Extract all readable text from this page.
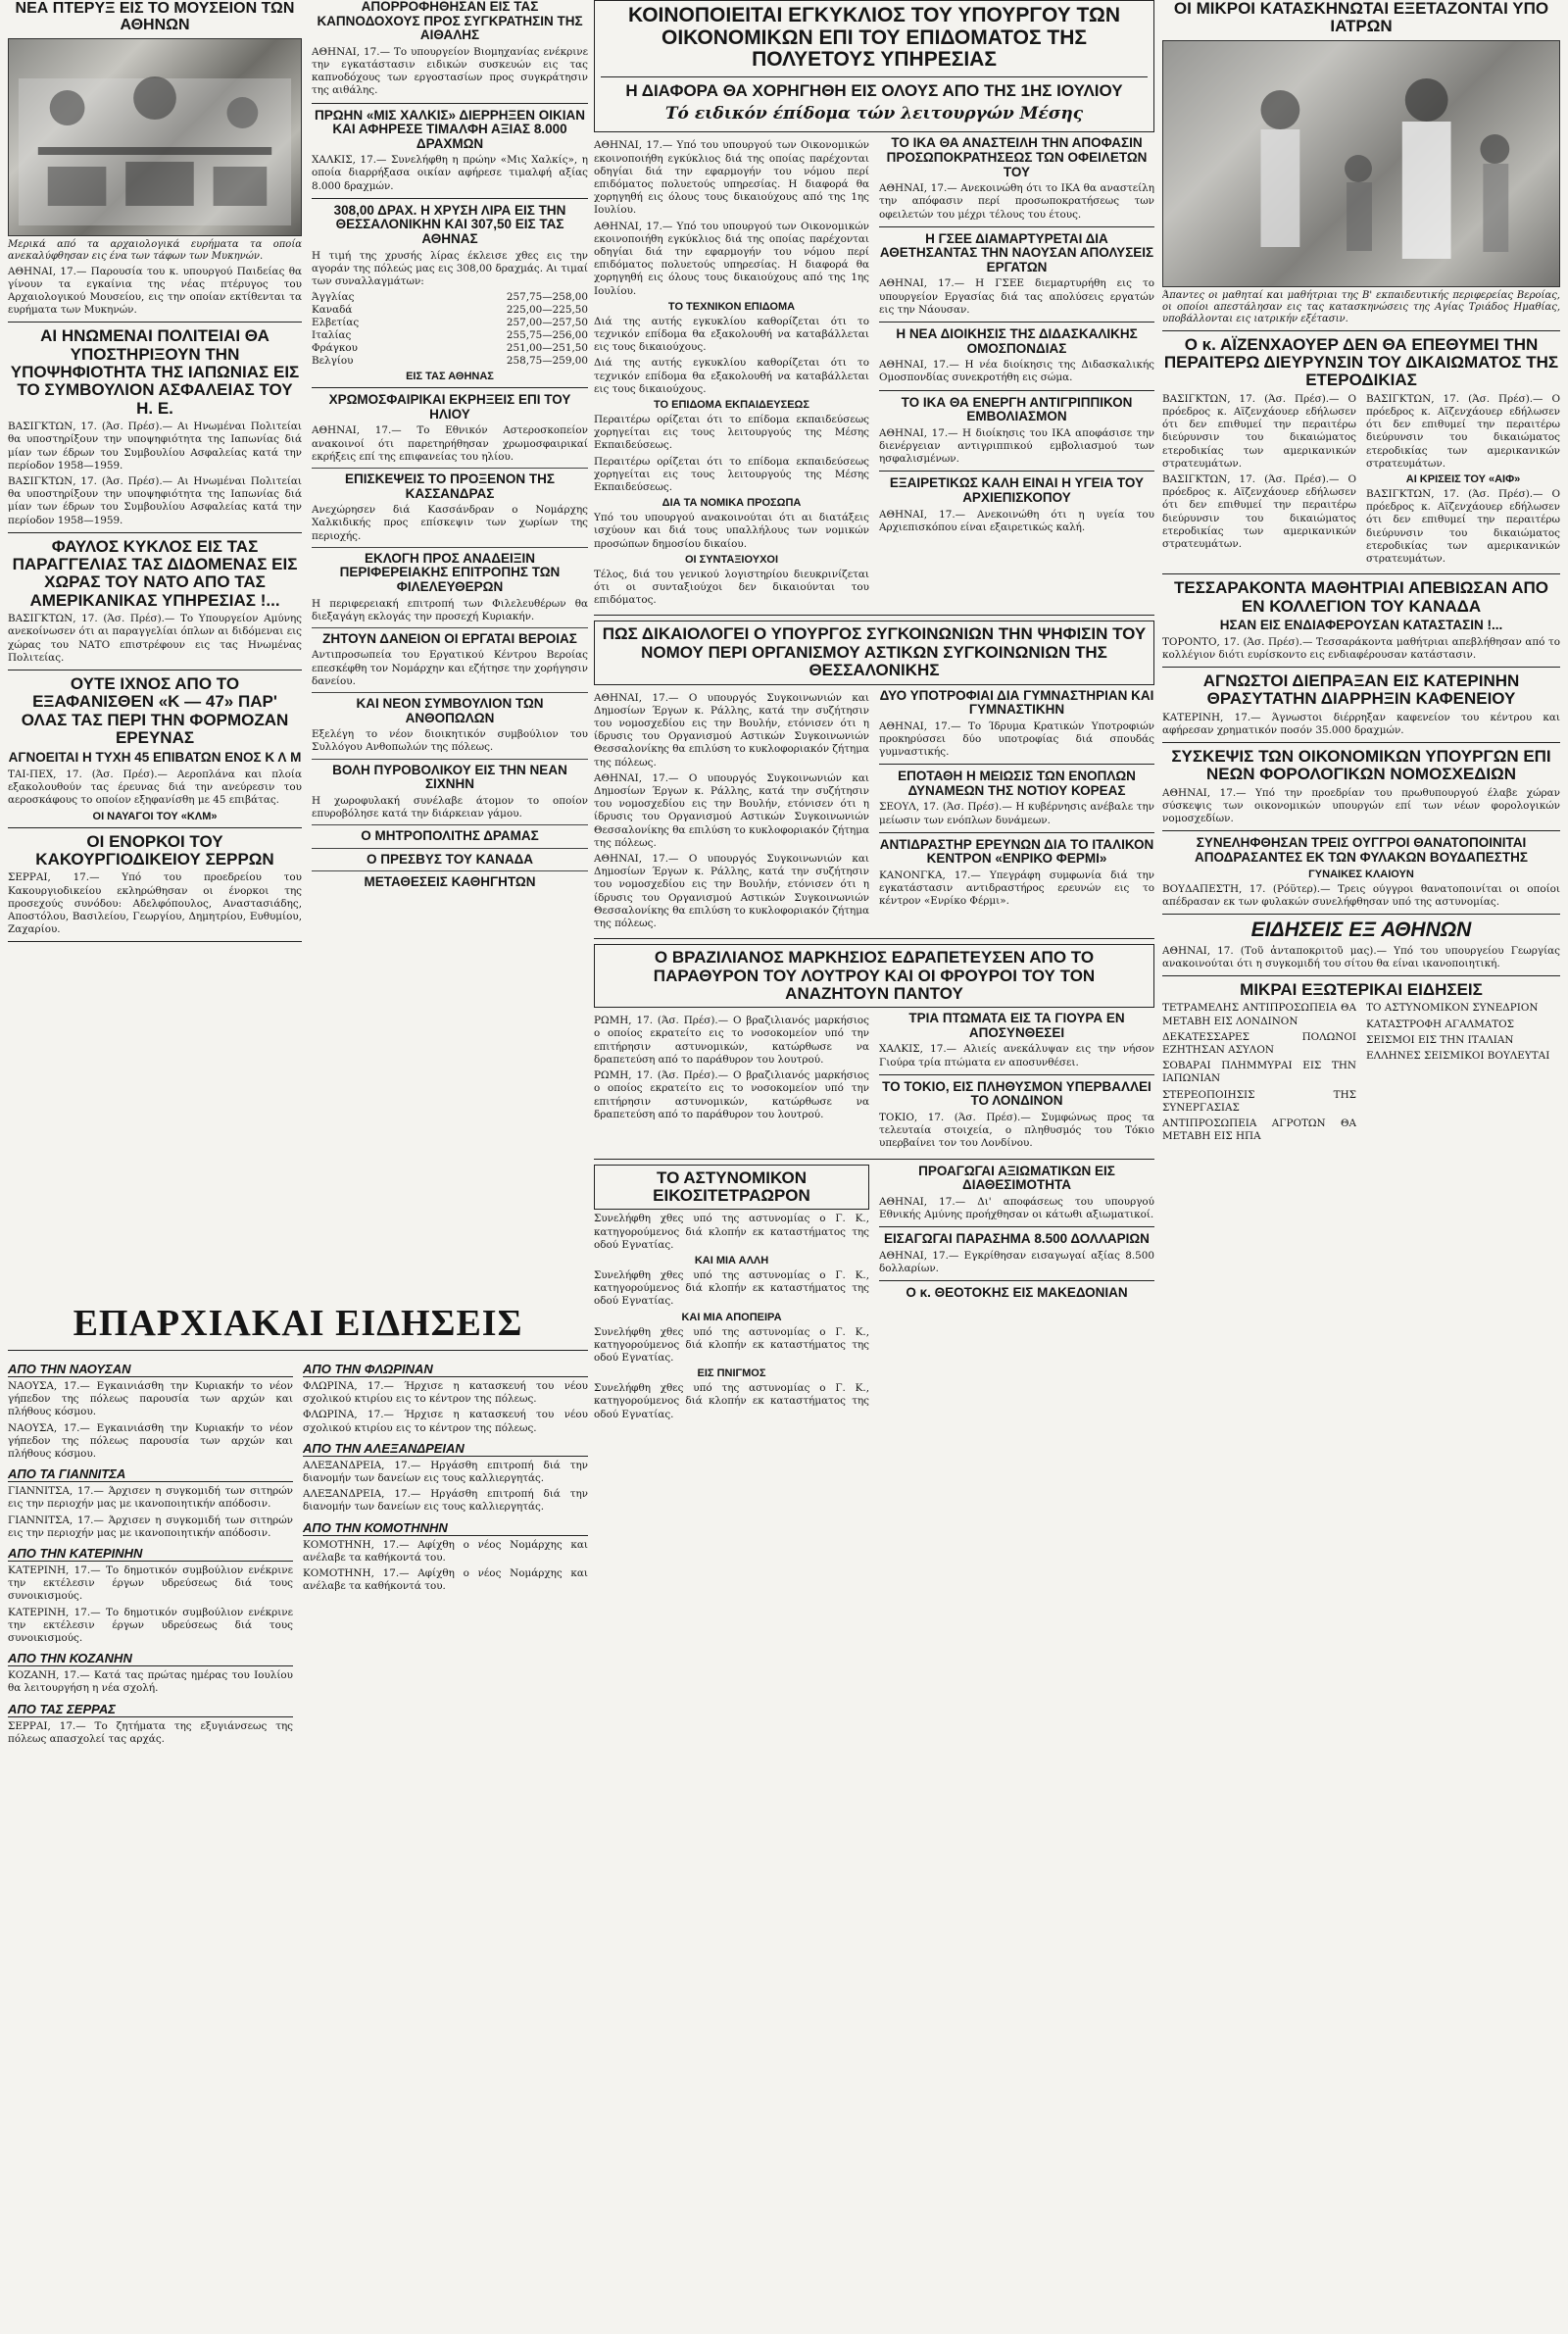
ΝΕΑ ΠΤΕΡΥΞ ΕΙΣ ΤΟ ΜΟΥΣΕΙΟΝ ΤΩΝ ΑΘΗΝΩΝ

Μερικά από τα αρχαιολογικά ευρήματα τα οποία ανεκαλύφθησαν εις ένα των τάφων των Μυκηνών.

ΑΘΗΝΑΙ, 17.— Παρουσία του κ. υπουργού Παιδείας θα γίνουν τα εγκαίνια της νέας πτέρυγος του Αρχαιολογικού Μουσείου, εις την οποίαν εκτίθενται τα ευρήματα των Μυκηνών.

ΑΙ ΗΝΩΜΕΝΑΙ ΠΟΛΙΤΕΙΑΙ ΘΑ ΥΠΟΣΤΗΡΙΞΟΥΝ ΤΗΝ ΥΠΟΨΗΦΙΟΤΗΤΑ ΤΗΣ ΙΑΠΩΝΙΑΣ ΕΙΣ ΤΟ ΣΥΜΒΟΥΛΙΟΝ ΑΣΦΑΛΕΙΑΣ ΤΟΥ Η. Ε.

ΒΑΣΙΓΚΤΩΝ, 17. (Άσ. Πρέσ).— Αι Ηνωμέναι Πολιτείαι θα υποστηρίξουν την υποψηφιότητα της Ιαπωνίας διά μίαν των έδρων του Συμβουλίου Ασφαλείας κατά την περίοδον 1958—1959.

ΒΑΣΙΓΚΤΩΝ, 17. (Άσ. Πρέσ).— Αι Ηνωμέναι Πολιτείαι θα υποστηρίξουν την υποψηφιότητα της Ιαπωνίας διά μίαν των έδρων του Συμβουλίου Ασφαλείας κατά την περίοδον 1958—1959.

ΦΑΥΛΟΣ ΚΥΚΛΟΣ ΕΙΣ ΤΑΣ ΠΑΡΑΓΓΕΛΙΑΣ ΤΑΣ ΔΙΔΟΜΕΝΑΣ ΕΙΣ ΧΩΡΑΣ ΤΟΥ ΝΑΤΟ ΑΠΟ ΤΑΣ ΑΜΕΡΙΚΑΝΙΚΑΣ ΥΠΗΡΕΣΙΑΣ !...

ΒΑΣΙΓΚΤΩΝ, 17. (Άσ. Πρέσ).— Το Υπουργείον Αμύνης ανεκοίνωσεν ότι αι παραγγελίαι όπλων αι διδόμεναι εις χώρας του ΝΑΤΟ επιστρέφουν εις τας Ηνωμένας Πολιτείας.

ΟΥΤΕ ΙΧΝΟΣ ΑΠΟ ΤΟ ΕΞΑΦΑΝΙΣΘΕΝ «Κ — 47» ΠΑΡ' ΟΛΑΣ ΤΑΣ ΠΕΡΙ ΤΗΝ ΦΟΡΜΟΖΑΝ ΕΡΕΥΝΑΣ
ΑΓΝΟΕΙΤΑΙ Η ΤΥΧΗ 45 ΕΠΙΒΑΤΩΝ ΕΝΟΣ Κ Λ Μ

ΤΑΙ-ΠΕΧ, 17. (Άσ. Πρέσ).— Αεροπλάνα και πλοία εξακολουθούν τας έρευνας διά την ανεύρεσιν του αεροσκάφους το οποίον εξηφανίσθη με 45 επιβάτας.

ΟΙ ΝΑΥΑΓΟΙ ΤΟΥ «ΚΛΜ»

ΟΙ ΕΝΟΡΚΟΙ ΤΟΥ ΚΑΚΟΥΡΓΙΟΔΙΚΕΙΟΥ ΣΕΡΡΩΝ

ΣΕΡΡΑΙ, 17.— Υπό του προεδρείου του Κακουργιοδικείου εκληρώθησαν οι ένορκοι της προσεχούς συνόδου: Αδελφόπουλος, Αναστασιάδης, Αποστόλου, Βασιλείου, Γεωργίου, Δημητρίου, Ευθυμίου, Ζαχαρίου.

ΕΠΑΡΧΙΑΚΑΙ ΕΙΔΗΣΕΙΣ
ΑΠΟ ΤΗΝ ΝΑΟΥΣΑΝ

ΝΑΟΥΣΑ, 17.— Εγκαινιάσθη την Κυριακήν το νέον γήπεδον της πόλεως παρουσία των αρχών και πλήθους κόσμου.

ΝΑΟΥΣΑ, 17.— Εγκαινιάσθη την Κυριακήν το νέον γήπεδον της πόλεως παρουσία των αρχών και πλήθους κόσμου.

ΑΠΟ ΤΑ ΓΙΑΝΝΙΤΣΑ

ΓΙΑΝΝΙΤΣΑ, 17.— Άρχισεν η συγκομιδή των σιτηρών εις την περιοχήν μας με ικανοποιητικήν απόδοσιν.

ΓΙΑΝΝΙΤΣΑ, 17.— Άρχισεν η συγκομιδή των σιτηρών εις την περιοχήν μας με ικανοποιητικήν απόδοσιν.

ΑΠΟ ΤΗΝ ΚΑΤΕΡΙΝΗΝ

ΚΑΤΕΡΙΝΗ, 17.— Το δημοτικόν συμβούλιον ενέκρινε την εκτέλεσιν έργων υδρεύσεως διά τους συνοικισμούς.

ΚΑΤΕΡΙΝΗ, 17.— Το δημοτικόν συμβούλιον ενέκρινε την εκτέλεσιν έργων υδρεύσεως διά τους συνοικισμούς.

ΑΠΟ ΤΗΝ ΚΟΖΑΝΗΝ

ΚΟΖΑΝΗ, 17.— Κατά τας πρώτας ημέρας του Ιουλίου θα λειτουργήση η νέα σχολή.

ΑΠΟ ΤΑΣ ΣΕΡΡΑΣ

ΣΕΡΡΑΙ, 17.— Το ζητήματα της εξυγιάνσεως της πόλεως απασχολεί τας αρχάς.

ΑΠΟ ΤΗΝ ΦΛΩΡΙΝΑΝ

ΦΛΩΡΙΝΑ, 17.— Ήρχισε η κατασκευή του νέου σχολικού κτιρίου εις το κέντρον της πόλεως.

ΦΛΩΡΙΝΑ, 17.— Ήρχισε η κατασκευή του νέου σχολικού κτιρίου εις το κέντρον της πόλεως.

ΑΠΟ ΤΗΝ ΑΛΕΞΑΝΔΡΕΙΑΝ

ΑΛΕΞΑΝΔΡΕΙΑ, 17.— Ηργάσθη επιτροπή διά την διανομήν των δανείων εις τους καλλιεργητάς.

ΑΛΕΞΑΝΔΡΕΙΑ, 17.— Ηργάσθη επιτροπή διά την διανομήν των δανείων εις τους καλλιεργητάς.

ΑΠΟ ΤΗΝ ΚΟΜΟΤΗΝΗΝ

ΚΟΜΟΤΗΝΗ, 17.— Αφίχθη ο νέος Νομάρχης και ανέλαβε τα καθήκοντά του.

ΚΟΜΟΤΗΝΗ, 17.— Αφίχθη ο νέος Νομάρχης και ανέλαβε τα καθήκοντά του.

ΑΠΟΡΡΟΦΗΘΗΣΑΝ ΕΙΣ ΤΑΣ ΚΑΠΝΟΔΟΧΟΥΣ ΠΡΟΣ ΣΥΓΚΡΑΤΗΣΙΝ ΤΗΣ ΑΙΘΑΛΗΣ

ΑΘΗΝΑΙ, 17.— Το υπουργείον Βιομηχανίας ενέκρινε την εγκατάστασιν ειδικών συσκευών εις τας καπνοδόχους των εργοστασίων προς συγκράτησιν της αιθάλης.

ΠΡΩΗΝ «ΜΙΣ ΧΑΛΚΙΣ» ΔΙΕΡΡΗΞΕΝ ΟΙΚΙΑΝ ΚΑΙ ΑΦΗΡΕΣΕ ΤΙΜΑΛΦΗ ΑΞΙΑΣ 8.000 ΔΡΑΧΜΩΝ

ΧΑΛΚΙΣ, 17.— Συνελήφθη η πρώην «Μις Χαλκίς», η οποία διαρρήξασα οικίαν αφήρεσε τιμαλφή αξίας 8.000 δραχμών.

308,00 ΔΡΑΧ. Η ΧΡΥΣΗ ΛΙΡΑ ΕΙΣ ΤΗΝ ΘΕΣΣΑΛΟΝΙΚΗΝ ΚΑΙ 307,50 ΕΙΣ ΤΑΣ ΑΘΗΝΑΣ

Η τιμή της χρυσής λίρας έκλεισε χθες εις την αγοράν της πόλεώς μας εις 308,00 δραχμάς. Αι τιμαί των συναλλαγμάτων:

Άγγλίας	257,75—258,00
Καναδά	225,00—225,50
Ελβετίας	257,00—257,50
Ιταλίας	255,75—256,00
Φράγκου	251,00—251,50
Βελγίου	258,75—259,00

ΕΙΣ ΤΑΣ ΑΘΗΝΑΣ

ΧΡΩΜΟΣΦΑΙΡΙΚΑΙ ΕΚΡΗΞΕΙΣ ΕΠΙ ΤΟΥ ΗΛΙΟΥ

ΑΘΗΝΑΙ, 17.— Το Εθνικόν Αστεροσκοπείον ανακοινοί ότι παρετηρήθησαν χρωμοσφαιρικαί εκρήξεις επί της επιφανείας του ηλίου.

ΕΠΙΣΚΕΨΕΙΣ ΤΟ ΠΡΟΞΕΝΟΝ ΤΗΣ ΚΑΣΣΑΝΔΡΑΣ

Ανεχώρησεν διά Κασσάνδραν ο Νομάρχης Χαλκιδικής προς επίσκεψιν των χωρίων της περιοχής.

ΕΚΛΟΓΗ ΠΡΟΣ ΑΝΑΔΕΙΞΙΝ ΠΕΡΙΦΕΡΕΙΑΚΗΣ ΕΠΙΤΡΟΠΗΣ ΤΩΝ ΦΙΛΕΛΕΥΘΕΡΩΝ

Η περιφερειακή επιτροπή των Φιλελευθέρων θα διεξαγάγη εκλογάς την προσεχή Κυριακήν.

ΖΗΤΟΥΝ ΔΑΝΕΙΟΝ ΟΙ ΕΡΓΑΤΑΙ ΒΕΡΟΙΑΣ

Αντιπροσωπεία του Εργατικού Κέντρου Βεροίας επεσκέφθη τον Νομάρχην και εζήτησε την χορήγησιν δανείου.

ΚΑΙ ΝΕΟΝ ΣΥΜΒΟΥΛΙΟΝ ΤΩΝ ΑΝΘΟΠΩΛΩΝ

Εξελέγη το νέον διοικητικόν συμβούλιον του Συλλόγου Ανθοπωλών της πόλεως.

ΒΟΛΗ ΠΥΡΟΒΟΛΙΚΟΥ ΕΙΣ ΤΗΝ ΝΕΑΝ ΣΙΧΝΗΝ

Η χωροφυλακή συνέλαβε άτομον το οποίον επυροβόλησε κατά την διάρκειαν γάμου.

Ο ΜΗΤΡΟΠΟΛΙΤΗΣ ΔΡΑΜΑΣ
Ο ΠΡΕΣΒΥΣ ΤΟΥ ΚΑΝΑΔΑ
ΜΕΤΑΘΕΣΕΙΣ ΚΑΘΗΓΗΤΩΝ
ΚΟΙΝΟΠΟΙΕΙΤΑΙ ΕΓΚΥΚΛΙΟΣ ΤΟΥ ΥΠΟΥΡΓΟΥ ΤΩΝ ΟΙΚΟΝΟΜΙΚΩΝ ΕΠΙ ΤΟΥ ΕΠΙΔΟΜΑΤΟΣ ΤΗΣ ΠΟΛΥΕΤΟΥΣ ΥΠΗΡΕΣΙΑΣ
Η ΔΙΑΦΟΡΑ ΘΑ ΧΟΡΗΓΗΘΗ ΕΙΣ ΟΛΟΥΣ ΑΠΟ ΤΗΣ 1ΗΣ ΙΟΥΛΙΟΥ
Τό ειδικόν έπίδομα τών λειτουργών Μέσης

ΑΘΗΝΑΙ, 17.— Υπό του υπουργού των Οικονομικών εκοινοποιήθη εγκύκλιος διά της οποίας παρέχονται οδηγίαι διά την εφαρμογήν του νόμου περί επιδόματος πολυετούς υπηρεσίας. Η διαφορά θα χορηγηθή εις όλους τους δικαιούχους από της 1ης Ιουλίου.

ΑΘΗΝΑΙ, 17.— Υπό του υπουργού των Οικονομικών εκοινοποιήθη εγκύκλιος διά της οποίας παρέχονται οδηγίαι διά την εφαρμογήν του νόμου περί επιδόματος πολυετούς υπηρεσίας. Η διαφορά θα χορηγηθή εις όλους τους δικαιούχους από της 1ης Ιουλίου.

ΤΟ ΤΕΧΝΙΚΟΝ ΕΠΙΔΟΜΑ

Διά της αυτής εγκυκλίου καθορίζεται ότι το τεχνικόν επίδομα θα εξακολουθή να καταβάλλεται εις τους δικαιούχους.

Διά της αυτής εγκυκλίου καθορίζεται ότι το τεχνικόν επίδομα θα εξακολουθή να καταβάλλεται εις τους δικαιούχους.

ΤΟ ΕΠΙΔΟΜΑ ΕΚΠΑΙΔΕΥΣΕΩΣ

Περαιτέρω ορίζεται ότι το επίδομα εκπαιδεύσεως χορηγείται εις τους λειτουργούς της Μέσης Εκπαιδεύσεως.

Περαιτέρω ορίζεται ότι το επίδομα εκπαιδεύσεως χορηγείται εις τους λειτουργούς της Μέσης Εκπαιδεύσεως.

ΔΙΑ ΤΑ ΝΟΜΙΚΑ ΠΡΟΣΩΠΑ

Υπό του υπουργού ανακοινούται ότι αι διατάξεις ισχύουν και διά τους υπαλλήλους των νομικών προσώπων δημοσίου δικαίου.

ΟΙ ΣΥΝΤΑΞΙΟΥΧΟΙ

Τέλος, διά του γενικού λογιστηρίου διευκρινίζεται ότι οι συνταξιούχοι δεν δικαιούνται του επιδόματος.

ΤΟ ΙΚΑ ΘΑ ΑΝΑΣΤΕΙΛΗ ΤΗΝ ΑΠΟΦΑΣΙΝ ΠΡΟΣΩΠΟΚΡΑΤΗΣΕΩΣ ΤΩΝ ΟΦΕΙΛΕΤΩΝ ΤΟΥ

ΑΘΗΝΑΙ, 17.— Ανεκοινώθη ότι το ΙΚΑ θα αναστείλη την απόφασιν περί προσωποκρατήσεως των οφειλετών του μέχρι τέλους του έτους.

Η ΓΣΕΕ ΔΙΑΜΑΡΤΥΡΕΤΑΙ ΔΙΑ ΑΘΕΤΗΣΑΝΤΑΣ ΤΗΝ ΝΑΟΥΣΑΝ ΑΠΟΛΥΣΕΙΣ ΕΡΓΑΤΩΝ

ΑΘΗΝΑΙ, 17.— Η ΓΣΕΕ διεμαρτυρήθη εις το υπουργείον Εργασίας διά τας απολύσεις εργατών εις την Νάουσαν.

Η ΝΕΑ ΔΙΟΙΚΗΣΙΣ ΤΗΣ ΔΙΔΑΣΚΑΛΙΚΗΣ ΟΜΟΣΠΟΝΔΙΑΣ

ΑΘΗΝΑΙ, 17.— Η νέα διοίκησις της Διδασκαλικής Ομοσπονδίας συνεκροτήθη εις σώμα.

ΤΟ ΙΚΑ ΘΑ ΕΝΕΡΓΗ ΑΝΤΙΓΡΙΠΠΙΚΟΝ ΕΜΒΟΛΙΑΣΜΟΝ

ΑΘΗΝΑΙ, 17.— Η διοίκησις του ΙΚΑ αποφάσισε την διενέργειαν αντιγριππικού εμβολιασμού των ησφαλισμένων.

ΕΞΑΙΡΕΤΙΚΩΣ ΚΑΛΗ ΕΙΝΑΙ Η ΥΓΕΙΑ ΤΟΥ ΑΡΧΙΕΠΙΣΚΟΠΟΥ

ΑΘΗΝΑΙ, 17.— Ανεκοινώθη ότι η υγεία του Αρχιεπισκόπου είναι εξαιρετικώς καλή.

ΠΩΣ ΔΙΚΑΙΟΛΟΓΕΙ Ο ΥΠΟΥΡΓΟΣ ΣΥΓΚΟΙΝΩΝΙΩΝ ΤΗΝ ΨΗΦΙΣΙΝ ΤΟΥ ΝΟΜΟΥ ΠΕΡΙ ΟΡΓΑΝΙΣΜΟΥ ΑΣΤΙΚΩΝ ΣΥΓΚΟΙΝΩΝΙΩΝ ΤΗΣ ΘΕΣΣΑΛΟΝΙΚΗΣ

ΑΘΗΝΑΙ, 17.— Ο υπουργός Συγκοινωνιών και Δημοσίων Έργων κ. Ράλλης, κατά την συζήτησιν του νομοσχεδίου εις την Βουλήν, ετόνισεν ότι η ίδρυσις του Οργανισμού Αστικών Συγκοινωνιών Θεσσαλονίκης θα επιλύση το κυκλοφοριακόν ζήτημα της πόλεως.

ΑΘΗΝΑΙ, 17.— Ο υπουργός Συγκοινωνιών και Δημοσίων Έργων κ. Ράλλης, κατά την συζήτησιν του νομοσχεδίου εις την Βουλήν, ετόνισεν ότι η ίδρυσις του Οργανισμού Αστικών Συγκοινωνιών Θεσσαλονίκης θα επιλύση το κυκλοφοριακόν ζήτημα της πόλεως.

ΑΘΗΝΑΙ, 17.— Ο υπουργός Συγκοινωνιών και Δημοσίων Έργων κ. Ράλλης, κατά την συζήτησιν του νομοσχεδίου εις την Βουλήν, ετόνισεν ότι η ίδρυσις του Οργανισμού Αστικών Συγκοινωνιών Θεσσαλονίκης θα επιλύση το κυκλοφοριακόν ζήτημα της πόλεως.

ΔΥΟ ΥΠΟΤΡΟΦΙΑΙ ΔΙΑ ΓΥΜΝΑΣΤΗΡΙΑΝ ΚΑΙ ΓΥΜΝΑΣΤΙΚΗΝ

ΑΘΗΝΑΙ, 17.— Το Ίδρυμα Κρατικών Υποτροφιών προκηρύσσει δύο υποτροφίας διά σπουδάς γυμναστικής.

ΕΠΟΤΑΘΗ Η ΜΕΙΩΣΙΣ ΤΩΝ ΕΝΟΠΛΩΝ ΔΥΝΑΜΕΩΝ ΤΗΣ ΝΟΤΙΟΥ ΚΟΡΕΑΣ

ΣΕΟΥΛ, 17. (Άσ. Πρέσ).— Η κυβέρνησις ανέβαλε την μείωσιν των ενόπλων δυνάμεων.

ΑΝΤΙΔΡΑΣΤΗΡ ΕΡΕΥΝΩΝ ΔΙΑ ΤΟ ΙΤΑΛΙΚΟΝ ΚΕΝΤΡΟΝ «ΕΝΡΙΚΟ ΦΕΡΜΙ»

ΚΑΝΟΝΓΚΑ, 17.— Υπεγράφη συμφωνία διά την εγκατάστασιν αντιδραστήρος ερευνών εις το κέντρον «Ενρίκο Φέρμι».

Ο ΒΡΑΖΙΛΙΑΝΟΣ ΜΑΡΚΗΣΙΟΣ ΕΔΡΑΠΕΤΕΥΣΕΝ ΑΠΟ ΤΟ ΠΑΡΑΘΥΡΟΝ ΤΟΥ ΛΟΥΤΡΟΥ ΚΑΙ ΟΙ ΦΡΟΥΡΟΙ ΤΟΥ ΤΟΝ ΑΝΑΖΗΤΟΥΝ ΠΑΝΤΟΥ

ΡΩΜΗ, 17. (Άσ. Πρέσ).— Ο βραζιλιανός μαρκήσιος ο οποίος εκρατείτο εις το νοσοκομείον υπό την επιτήρησιν αστυνομικών, κατώρθωσε να δραπετεύση από το παράθυρον του λουτρού.

ΡΩΜΗ, 17. (Άσ. Πρέσ).— Ο βραζιλιανός μαρκήσιος ο οποίος εκρατείτο εις το νοσοκομείον υπό την επιτήρησιν αστυνομικών, κατώρθωσε να δραπετεύση από το παράθυρον του λουτρού.

ΤΡΙΑ ΠΤΩΜΑΤΑ ΕΙΣ ΤΑ ΓΙΟΥΡΑ ΕΝ ΑΠΟΣΥΝΘΕΣΕΙ

ΧΑΛΚΙΣ, 17.— Αλιείς ανεκάλυψαν εις την νήσον Γιούρα τρία πτώματα εν αποσυνθέσει.

ΤΟ ΤΟΚΙΟ, ΕΙΣ ΠΛΗΘΥΣΜΟΝ ΥΠΕΡΒΑΛΛΕΙ ΤΟ ΛΟΝΔΙΝΟΝ

ΤΟΚΙΟ, 17. (Άσ. Πρέσ).— Συμφώνως προς τα τελευταία στοιχεία, ο πληθυσμός του Τόκιο υπερβαίνει τον του Λονδίνου.

ΤΟ ΑΣΤΥΝΟΜΙΚΟΝ ΕΙΚΟΣΙΤΕΤΡΑΩΡΟΝ

Συνελήφθη χθες υπό της αστυνομίας ο Γ. Κ., κατηγορούμενος διά κλοπήν εκ καταστήματος της οδού Εγνατίας.

ΚΑΙ ΜΙΑ ΑΛΛΗ

Συνελήφθη χθες υπό της αστυνομίας ο Γ. Κ., κατηγορούμενος διά κλοπήν εκ καταστήματος της οδού Εγνατίας.

ΚΑΙ ΜΙΑ ΑΠΟΠΕΙΡΑ

Συνελήφθη χθες υπό της αστυνομίας ο Γ. Κ., κατηγορούμενος διά κλοπήν εκ καταστήματος της οδού Εγνατίας.

ΕΙΣ ΠΝΙΓΜΟΣ

Συνελήφθη χθες υπό της αστυνομίας ο Γ. Κ., κατηγορούμενος διά κλοπήν εκ καταστήματος της οδού Εγνατίας.

ΠΡΟΑΓΩΓΑΙ ΑΞΙΩΜΑΤΙΚΩΝ ΕΙΣ ΔΙΑΘΕΣΙΜΟΤΗΤΑ

ΑΘΗΝΑΙ, 17.— Δι' αποφάσεως του υπουργού Εθνικής Αμύνης προήχθησαν οι κάτωθι αξιωματικοί.

ΕΙΣΑΓΩΓΑΙ ΠΑΡΑΣΗΜΑ 8.500 ΔΟΛΛΑΡΙΩΝ

ΑΘΗΝΑΙ, 17.— Εγκρίθησαν εισαγωγαί αξίας 8.500 δολλαρίων.

Ο κ. ΘΕΟΤΟΚΗΣ ΕΙΣ ΜΑΚΕΔΟΝΙΑΝ
ΟΙ ΜΙΚΡΟΙ ΚΑΤΑΣΚΗΝΩΤΑΙ ΕΞΕΤΑΖΟΝΤΑΙ ΥΠΟ ΙΑΤΡΩΝ

Άπαντες οι μαθηταί και μαθήτριαι της Β' εκπαιδευτικής περιφερείας Βεροίας, οι οποίοι απεστάλησαν εις τας κατασκηνώσεις της Αγίας Τριάδος Ημαθίας, υποβάλλονται εις ιατρικήν εξέτασιν.

Ο κ. ΑΪΖΕΝΧΑΟΥΕΡ ΔΕΝ ΘΑ ΕΠΕΘΥΜΕΙ ΤΗΝ ΠΕΡΑΙΤΕΡΩ ΔΙΕΥΡΥΝΣΙΝ ΤΟΥ ΔΙΚΑΙΩΜΑΤΟΣ ΤΗΣ ΕΤΕΡΟΔΙΚΙΑΣ

ΒΑΣΙΓΚΤΩΝ, 17. (Άσ. Πρέσ).— Ο πρόεδρος κ. Αϊζενχάουερ εδήλωσεν ότι δεν επιθυμεί την περαιτέρω διεύρυνσιν του δικαιώματος ετεροδικίας των αμερικανικών στρατευμάτων.

ΒΑΣΙΓΚΤΩΝ, 17. (Άσ. Πρέσ).— Ο πρόεδρος κ. Αϊζενχάουερ εδήλωσεν ότι δεν επιθυμεί την περαιτέρω διεύρυνσιν του δικαιώματος ετεροδικίας των αμερικανικών στρατευμάτων.

ΒΑΣΙΓΚΤΩΝ, 17. (Άσ. Πρέσ).— Ο πρόεδρος κ. Αϊζενχάουερ εδήλωσεν ότι δεν επιθυμεί την περαιτέρω διεύρυνσιν του δικαιώματος ετεροδικίας των αμερικανικών στρατευμάτων.

ΑΙ ΚΡΙΣΕΙΣ ΤΟΥ «ΑΙΦ»

ΒΑΣΙΓΚΤΩΝ, 17. (Άσ. Πρέσ).— Ο πρόεδρος κ. Αϊζενχάουερ εδήλωσεν ότι δεν επιθυμεί την περαιτέρω διεύρυνσιν του δικαιώματος ετεροδικίας των αμερικανικών στρατευμάτων.

ΤΕΣΣΑΡΑΚΟΝΤΑ ΜΑΘΗΤΡΙΑΙ ΑΠΕΒΙΩΣΑΝ ΑΠΟ ΕΝ ΚΟΛΛΕΓΙΟΝ ΤΟΥ ΚΑΝΑΔΑ
ΗΣΑΝ ΕΙΣ ΕΝΔΙΑΦΕΡΟΥΣΑΝ ΚΑΤΑΣΤΑΣΙΝ !...

ΤΟΡΟΝΤΟ, 17. (Άσ. Πρέσ).— Τεσσαράκοντα μαθήτριαι απεβλήθησαν από το κολλέγιον διότι ευρίσκοντο εις ενδιαφέρουσαν κατάστασιν.

ΑΓΝΩΣΤΟΙ ΔΙΕΠΡΑΞΑΝ ΕΙΣ ΚΑΤΕΡΙΝΗΝ ΘΡΑΣΥΤΑΤΗΝ ΔΙΑΡΡΗΞΙΝ ΚΑΦΕΝΕΙΟΥ

ΚΑΤΕΡΙΝΗ, 17.— Άγνωστοι διέρρηξαν καφενείον του κέντρου και αφήρεσαν χρηματικόν ποσόν 35.000 δραχμών.

ΣΥΣΚΕΨΙΣ ΤΩΝ ΟΙΚΟΝΟΜΙΚΩΝ ΥΠΟΥΡΓΩΝ ΕΠΙ ΝΕΩΝ ΦΟΡΟΛΟΓΙΚΩΝ ΝΟΜΟΣΧΕΔΙΩΝ

ΑΘΗΝΑΙ, 17.— Υπό την προεδρίαν του πρωθυπουργού έλαβε χώραν σύσκεψις των οικονομικών υπουργών επί των νέων φορολογικών νομοσχεδίων.

ΣΥΝΕΛΗΦΘΗΣΑΝ ΤΡΕΙΣ ΟΥΓΓΡΟΙ ΘΑΝΑΤΟΠΟΙΝΙΤΑΙ ΑΠΟΔΡΑΣΑΝΤΕΣ ΕΚ ΤΩΝ ΦΥΛΑΚΩΝ ΒΟΥΔΑΠΕΣΤΗΣ

ΓΥΝΑΙΚΕΣ ΚΛΑΙΟΥΝ

ΒΟΥΔΑΠΕΣΤΗ, 17. (Ρόϋτερ).— Τρεις ούγγροι θανατοποινίται οι οποίοι απέδρασαν εκ των φυλακών συνελήφθησαν υπό της αστυνομίας.

ΕΙΔΗΣΕΙΣ ΕΞ ΑΘΗΝΩΝ

ΑΘΗΝΑΙ, 17. (Τοῦ ἀνταποκριτοῦ μας).— Υπό του υπουργείου Γεωργίας ανακοινούται ότι η συγκομιδή του σίτου θα είναι ικανοποιητική.

ΜΙΚΡΑΙ ΕΞΩΤΕΡΙΚΑΙ ΕΙΔΗΣΕΙΣ

ΤΕΤΡΑΜΕΛΗΣ ΑΝΤΙΠΡΟΣΩΠΕΙΑ ΘΑ ΜΕΤΑΒΗ ΕΙΣ ΛΟΝΔΙΝΟΝ

ΔΕΚΑΤΕΣΣΑΡΕΣ ΠΟΛΩΝΟΙ ΕΖΗΤΗΣΑΝ ΑΣΥΛΟΝ

ΣΟΒΑΡΑΙ ΠΛΗΜΜΥΡΑΙ ΕΙΣ ΤΗΝ ΙΑΠΩΝΙΑΝ

ΣΤΕΡΕΟΠΟΙΗΣΙΣ ΤΗΣ ΣΥΝΕΡΓΑΣΙΑΣ

ΑΝΤΙΠΡΟΣΩΠΕΙΑ ΑΓΡΟΤΩΝ ΘΑ ΜΕΤΑΒΗ ΕΙΣ ΗΠΑ

ΤΟ ΑΣΤΥΝΟΜΙΚΟΝ ΣΥΝΕΔΡΙΟΝ

ΚΑΤΑΣΤΡΟΦΗ ΑΓΑΛΜΑΤΟΣ

ΣΕΙΣΜΟΙ ΕΙΣ ΤΗΝ ΙΤΑΛΙΑΝ

ΕΛΛΗΝΕΣ ΣΕΙΣΜΙΚΟΙ ΒΟΥΛΕΥΤΑΙ
